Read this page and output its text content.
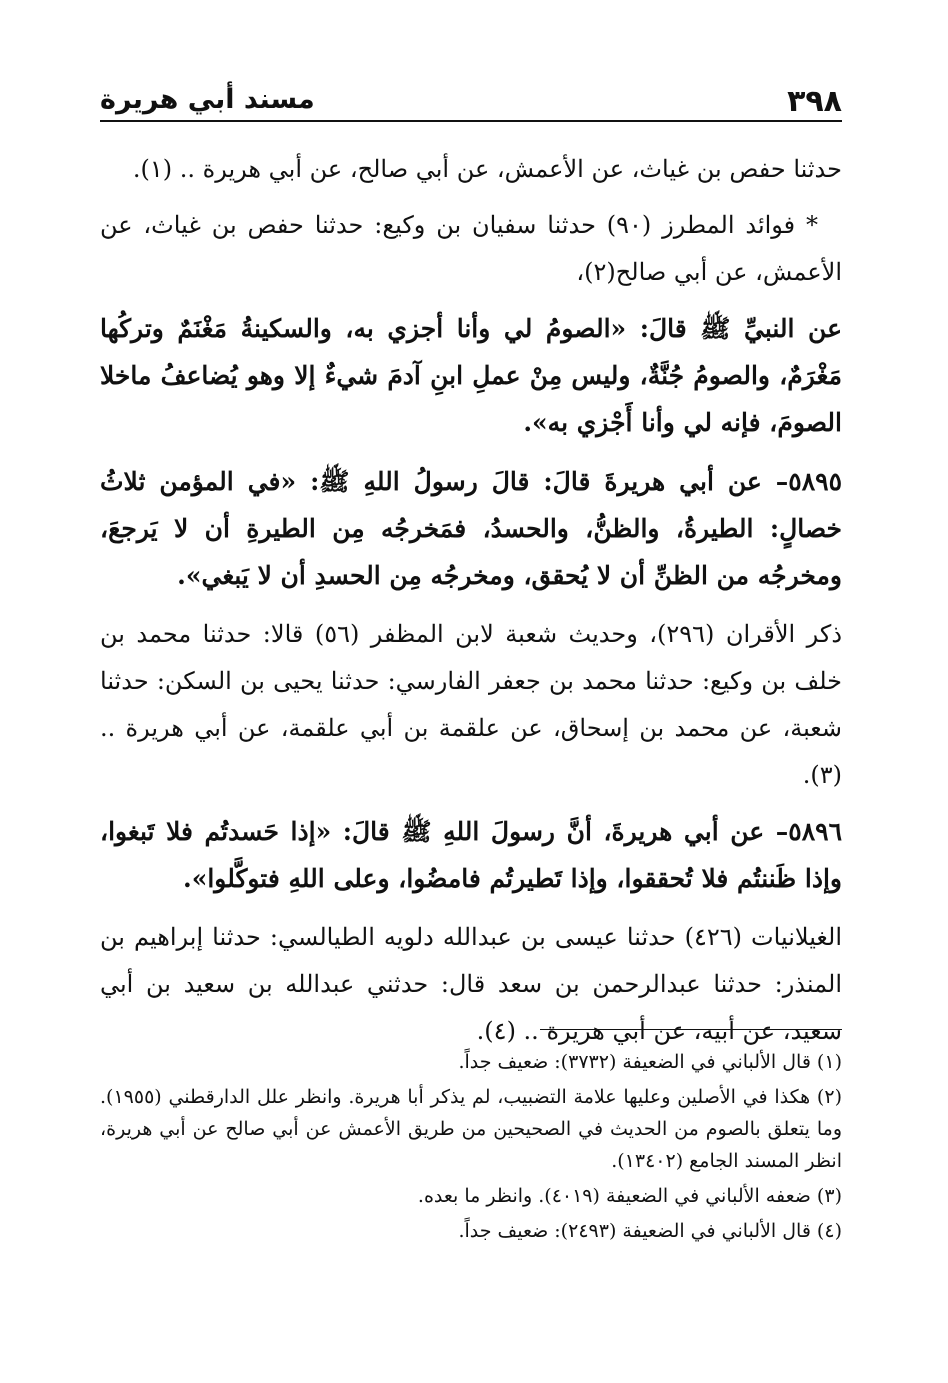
٣٩٨
مسند أبي هريرة

حدثنا حفص بن غياث، عن الأعمش، عن أبي صالح، عن أبي هريرة .. (١).

* فوائد المطرز (٩٠) حدثنا سفيان بن وكيع: حدثنا حفص بن غياث، عن الأعمش، عن أبي صالح(٢)،

عن النبيِّ ﷺ قالَ: «الصومُ لي وأنا أجزي به، والسكينةُ مَغْنَمٌ وتركُها مَغْرَمٌ، والصومُ جُنَّةٌ، وليس مِنْ عملِ ابنِ آدمَ شيءٌ إلا وهو يُضاعفُ ماخلا الصومَ، فإنه لي وأنا أَجْزي به».

٥٨٩٥– عن أبي هريرةَ قالَ: قالَ رسولُ اللهِ ﷺ: «في المؤمن ثلاثُ خصالٍ: الطيرةُ، والظنُّ، والحسدُ، فمَخرجُه مِن الطيرةِ أن لا يَرجعَ، ومخرجُه من الظنِّ أن لا يُحقق، ومخرجُه مِن الحسدِ أن لا يَبغي».

ذكر الأقران (٢٩٦)، وحديث شعبة لابن المظفر (٥٦) قالا: حدثنا محمد بن خلف بن وكيع: حدثنا محمد بن جعفر الفارسي: حدثنا يحيى بن السكن: حدثنا شعبة، عن محمد بن إسحاق، عن علقمة بن أبي علقمة، عن أبي هريرة .. (٣).

٥٨٩٦– عن أبي هريرةَ، أنَّ رسولَ اللهِ ﷺ قالَ: «إذا حَسدتُم فلا تَبغوا، وإذا ظَننتُم فلا تُحققوا، وإذا تَطيرتُم فامضُوا، وعلى اللهِ فتوكَّلوا».

الغيلانيات (٤٢٦) حدثنا عيسى بن عبدالله دلويه الطيالسي: حدثنا إبراهيم بن المنذر: حدثنا عبدالرحمن بن سعد قال: حدثني عبدالله بن سعيد بن أبي سعيد، عن أبيه، عن أبي هريرة .. (٤).

(١) قال الألباني في الضعيفة (٣٧٣٢): ضعيف جداً.

(٢) هكذا في الأصلين وعليها علامة التضبيب، لم يذكر أبا هريرة. وانظر علل الدارقطني (١٩٥٥). وما يتعلق بالصوم من الحديث في الصحيحين من طريق الأعمش عن أبي صالح عن أبي هريرة، انظر المسند الجامع (١٣٤٠٢).

(٣) ضعفه الألباني في الضعيفة (٤٠١٩). وانظر ما بعده.

(٤) قال الألباني في الضعيفة (٢٤٩٣): ضعيف جداً.
